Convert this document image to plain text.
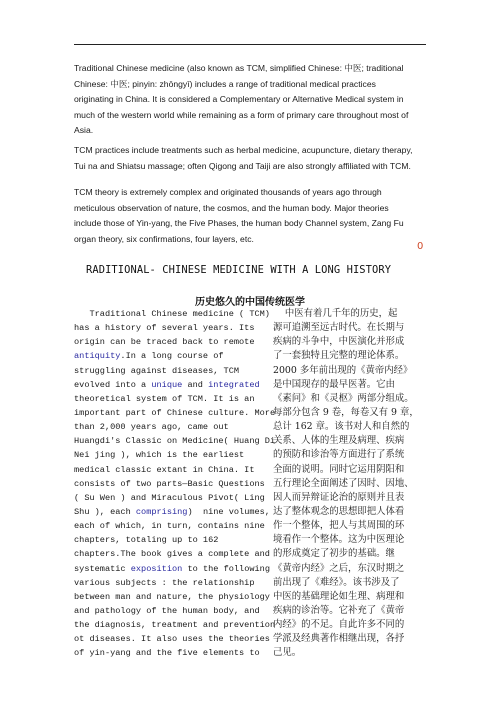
Traditional Chinese medicine (also known as TCM, simplified Chinese: 中医; traditional
Chinese: 中医; pinyin: zhōngyī) includes a range of traditional medical practices
originating in China. It is considered a Complementary or Alternative Medical system in
much of the western world while remaining as a form of primary care throughout most of
Asia.
TCM practices include treatments such as herbal medicine, acupuncture, dietary therapy,
Tui na and Shiatsu massage; often Qigong and Taiji are also strongly affiliated with TCM.
TCM theory is extremely complex and originated thousands of years ago through
meticulous observation of nature, the cosmos, and the human body. Major theories
include those of Yin-yang, the Five Phases, the human body Channel system, Zang Fu
organ theory, six confirmations, four layers, etc.
0
RADITIONAL- CHINESE MEDICINE WITH A LONG HISTORY
历史悠久的中国传统医学
Traditional Chinese medicine ( TCM)
has a history of several years. Its
origin can be traced back to remote
antiquity.In a long course of
struggling against diseases, TCM
evolved into a unique and integrated
theoretical system of TCM. It is an
important part of Chinese culture. More
than 2,000 years ago, came out
Huangdi's Classic on Medicine( Huang Di
Nei jing ), which is the earliest
medical classic extant in China. It
consists of two parts—Basic Questions
( Su Wen ) and Miraculous Pivot( Ling
Shu ), each comprising)  nine volumes,
each of which, in turn, contains nine
chapters, totaling up to 162
chapters.The book gives a complete and
systematic exposition to the following
various subjects : the relationship
between man and nature, the physiology
and pathology of the human body, and
the diagnosis, treatment and prevention
ot diseases. It also uses the theories
of yin-yang and the five elements to
中医有着几千年的历史，起
源可追溯至远古时代。在长期与
疾病的斗争中，中医演化并形成
了一套独特且完整的理论体系。
2000 多年前出现的《黄帝内经》
是中国现存的最早医著。它由
《素问》和《灵枢》两部分组成。
每部分包含 9 卷，每卷又有 9 章，
总计 162 章。该书对人和自然的
关系、人体的生理及病理、疾病
的预防和诊治等方面进行了系统
全面的说明。同时它运用阴阳和
五行理论全面阐述了因时、因地、
因人而异辩证论治的原则并且表
达了整体观念的思想即把人体看
作一个整体，把人与其周围的环
境看作一个整体。这为中医理论
的形成奠定了初步的基础。继
《黄帝内经》之后，东汉时期之
前出现了《难经》。该书涉及了
中医的基础理论如生理、病理和
疾病的诊治等。它补充了《黄帝
内经》的不足。自此许多不同的
学派及经典著作相继出现，各抒
己见。
